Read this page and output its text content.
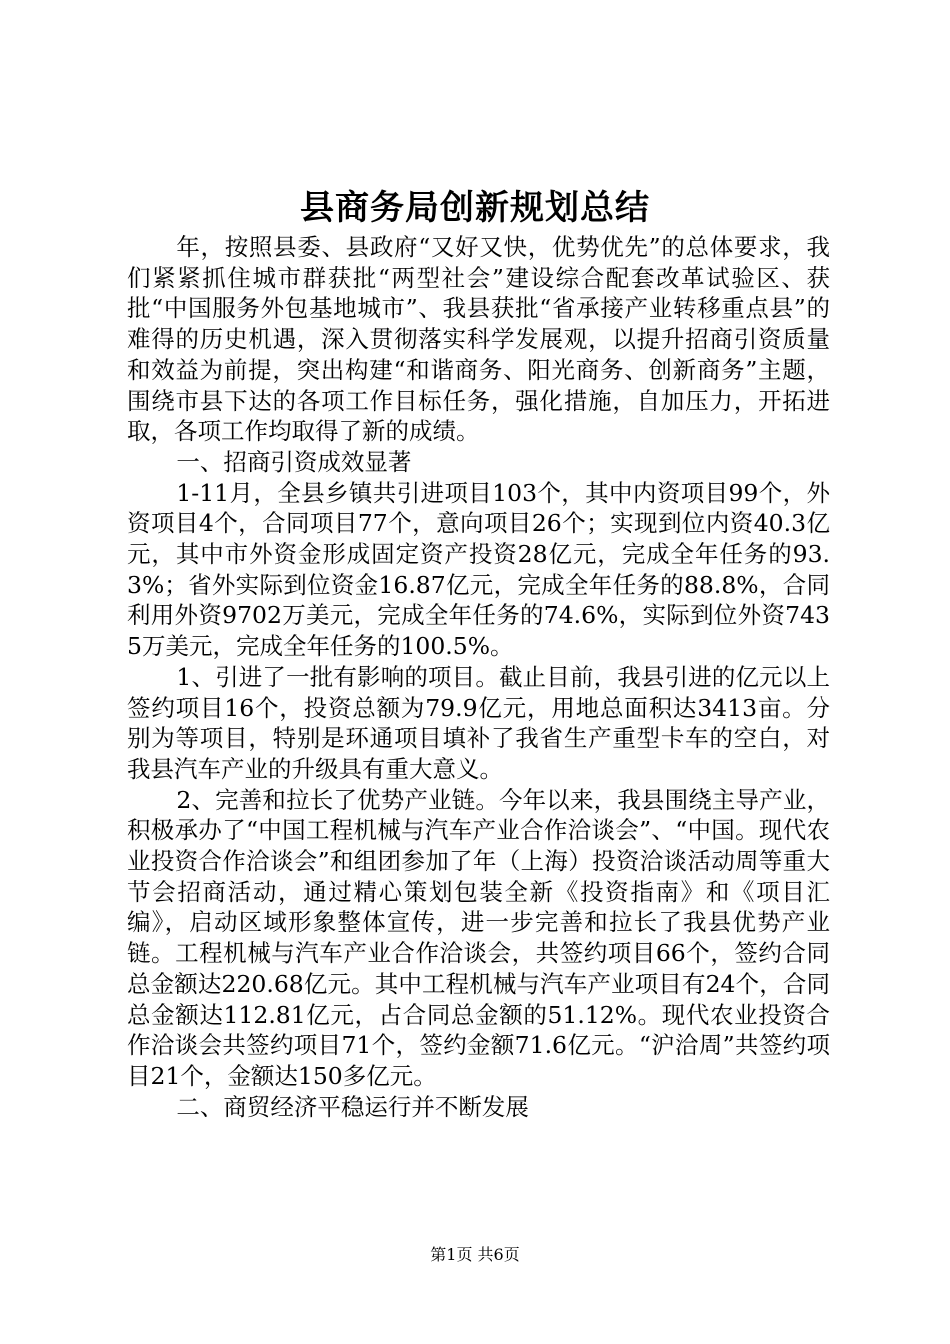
县商务局创新规划总结

年，按照县委、县政府“又好又快，优势优先”的总体要求，我们紧紧抓住城市群获批“两型社会”建设综合配套改革试验区、获批“中国服务外包基地城市”、我县获批“省承接产业转移重点县”的难得的历史机遇，深入贯彻落实科学发展观，以提升招商引资质量和效益为前提，突出构建“和谐商务、阳光商务、创新商务”主题，围绕市县下达的各项工作目标任务，强化措施，自加压力，开拓进取，各项工作均取得了新的成绩。

一、招商引资成效显著

1-11月，全县乡镇共引进项目103个，其中内资项目99个，外资项目4个，合同项目77个，意向项目26个；实现到位内资40.3亿元，其中市外资金形成固定资产投资28亿元，完成全年任务的93.3%；省外实际到位资金16.87亿元，完成全年任务的88.8%，合同利用外资9702万美元，完成全年任务的74.6%，实际到位外资7435万美元，完成全年任务的100.5%。

1、引进了一批有影响的项目。截止目前，我县引进的亿元以上签约项目16个，投资总额为79.9亿元，用地总面积达3413亩。分别为等项目，特别是环通项目填补了我省生产重型卡车的空白，对我县汽车产业的升级具有重大意义。

2、完善和拉长了优势产业链。今年以来，我县围绕主导产业，积极承办了“中国工程机械与汽车产业合作洽谈会”、“中国。现代农业投资合作洽谈会”和组团参加了年（上海）投资洽谈活动周等重大节会招商活动，通过精心策划包装全新《投资指南》和《项目汇编》，启动区域形象整体宣传，进一步完善和拉长了我县优势产业链。工程机械与汽车产业合作洽谈会，共签约项目66个，签约合同总金额达220.68亿元。其中工程机械与汽车产业项目有24个，合同总金额达112.81亿元，占合同总金额的51.12%。现代农业投资合作洽谈会共签约项目71个，签约金额71.6亿元。“沪洽周”共签约项目21个，金额达150多亿元。

二、商贸经济平稳运行并不断发展

第1页 共6页
